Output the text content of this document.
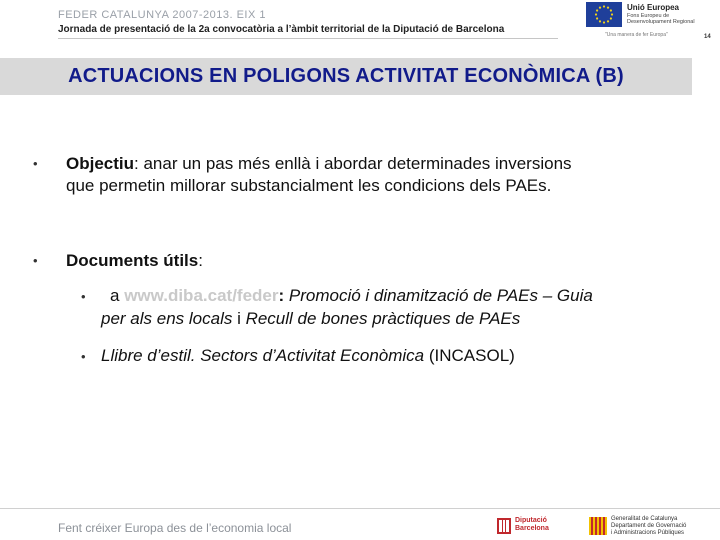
FEDER CATALUNYA 2007-2013. EIX 1
Jornada de presentació de la 2a convocatòria a l’àmbit territorial de la Diputació de Barcelona
Unió Europea
Fons Europeu de Desenvolupament Regional
"Una manera de fer Europa"	14
ACTUACIONS EN POLIGONS ACTIVITAT ECONÒMICA (B)
• Objectiu: anar un pas més enllà i abordar determinades inversions
que permetin millorar substancialment les condicions dels PAEs.
• Documents útils:
• a www.diba.cat/feder: Promoció i dinamització de PAEs – Guia
per als ens locals i Recull de bones pràctiques de PAEs
• Llibre d’estil. Sectors d’Activitat Econòmica (INCASOL)
Fent créixer Europa des de l’economia local
Diputació
Barcelona
Generalitat de Catalunya
Departament de Governació
i Administracions Públiques
